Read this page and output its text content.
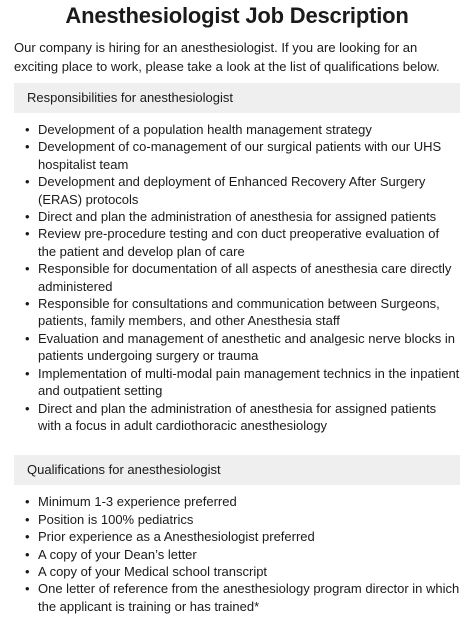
Anesthesiologist Job Description

Our company is hiring for an anesthesiologist. If you are looking for an exciting place to work, please take a look at the list of qualifications below.

Responsibilities for anesthesiologist
• Development of a population health management strategy
• Development of co-management of our surgical patients with our UHS hospitalist team
• Development and deployment of Enhanced Recovery After Surgery (ERAS) protocols
• Direct and plan the administration of anesthesia for assigned patients
• Review pre-procedure testing and con duct preoperative evaluation of the patient and develop plan of care
• Responsible for documentation of all aspects of anesthesia care directly administered
• Responsible for consultations and communication between Surgeons, patients, family members, and other Anesthesia staff
• Evaluation and management of anesthetic and analgesic nerve blocks in patients undergoing surgery or trauma
• Implementation of multi-modal pain management technics in the inpatient and outpatient setting
• Direct and plan the administration of anesthesia for assigned patients with a focus in adult cardiothoracic anesthesiology
Qualifications for anesthesiologist
• Minimum 1-3 experience preferred
• Position is 100% pediatrics
• Prior experience as a Anesthesiologist preferred
• A copy of your Dean’s letter
• A copy of your Medical school transcript
• One letter of reference from the anesthesiology program director in which the applicant is training or has trained*
